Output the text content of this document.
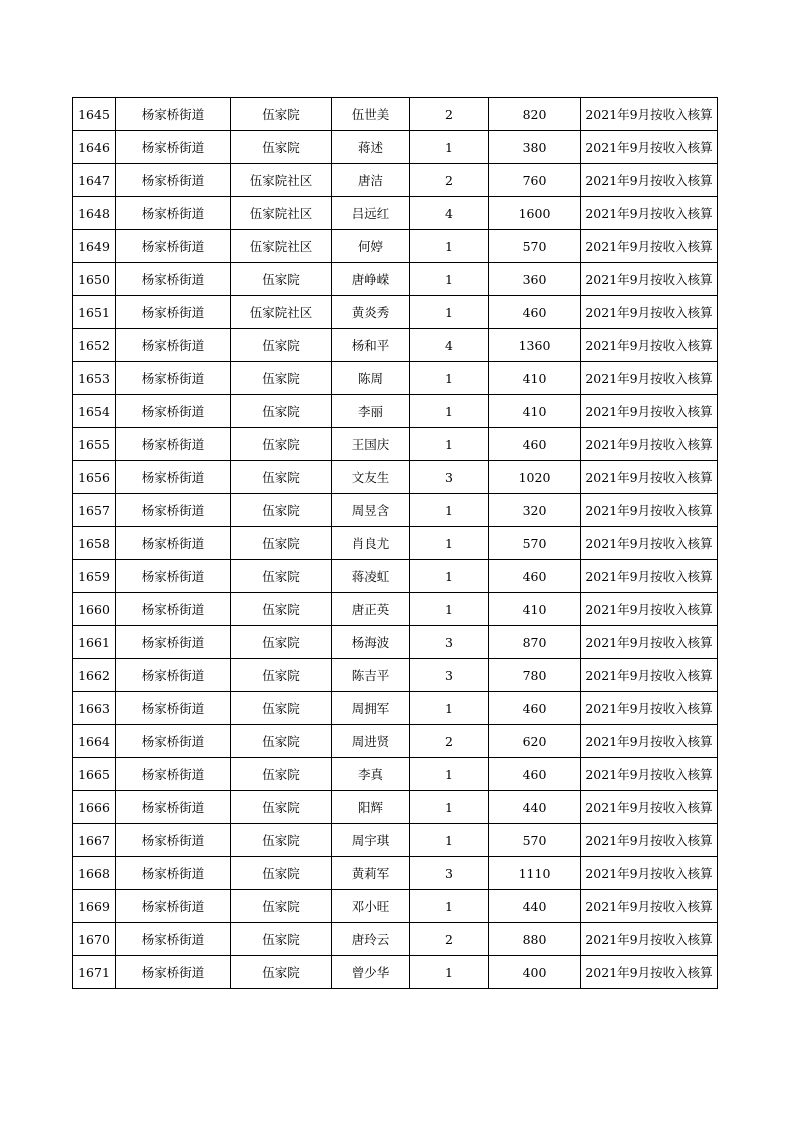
1645	杨家桥街道	伍家院	伍世美	2	820	2021年9月按收入核算
1646	杨家桥街道	伍家院	蒋述	1	380	2021年9月按收入核算
1647	杨家桥街道	伍家院社区	唐洁	2	760	2021年9月按收入核算
1648	杨家桥街道	伍家院社区	吕远红	4	1600	2021年9月按收入核算
1649	杨家桥街道	伍家院社区	何婷	1	570	2021年9月按收入核算
1650	杨家桥街道	伍家院	唐峥嵘	1	360	2021年9月按收入核算
1651	杨家桥街道	伍家院社区	黄炎秀	1	460	2021年9月按收入核算
1652	杨家桥街道	伍家院	杨和平	4	1360	2021年9月按收入核算
1653	杨家桥街道	伍家院	陈周	1	410	2021年9月按收入核算
1654	杨家桥街道	伍家院	李丽	1	410	2021年9月按收入核算
1655	杨家桥街道	伍家院	王国庆	1	460	2021年9月按收入核算
1656	杨家桥街道	伍家院	文友生	3	1020	2021年9月按收入核算
1657	杨家桥街道	伍家院	周昱含	1	320	2021年9月按收入核算
1658	杨家桥街道	伍家院	肖良尤	1	570	2021年9月按收入核算
1659	杨家桥街道	伍家院	蒋凌虹	1	460	2021年9月按收入核算
1660	杨家桥街道	伍家院	唐正英	1	410	2021年9月按收入核算
1661	杨家桥街道	伍家院	杨海波	3	870	2021年9月按收入核算
1662	杨家桥街道	伍家院	陈吉平	3	780	2021年9月按收入核算
1663	杨家桥街道	伍家院	周拥军	1	460	2021年9月按收入核算
1664	杨家桥街道	伍家院	周进贤	2	620	2021年9月按收入核算
1665	杨家桥街道	伍家院	李真	1	460	2021年9月按收入核算
1666	杨家桥街道	伍家院	阳辉	1	440	2021年9月按收入核算
1667	杨家桥街道	伍家院	周宇琪	1	570	2021年9月按收入核算
1668	杨家桥街道	伍家院	黄莉军	3	1110	2021年9月按收入核算
1669	杨家桥街道	伍家院	邓小旺	1	440	2021年9月按收入核算
1670	杨家桥街道	伍家院	唐玲云	2	880	2021年9月按收入核算
1671	杨家桥街道	伍家院	曾少华	1	400	2021年9月按收入核算
